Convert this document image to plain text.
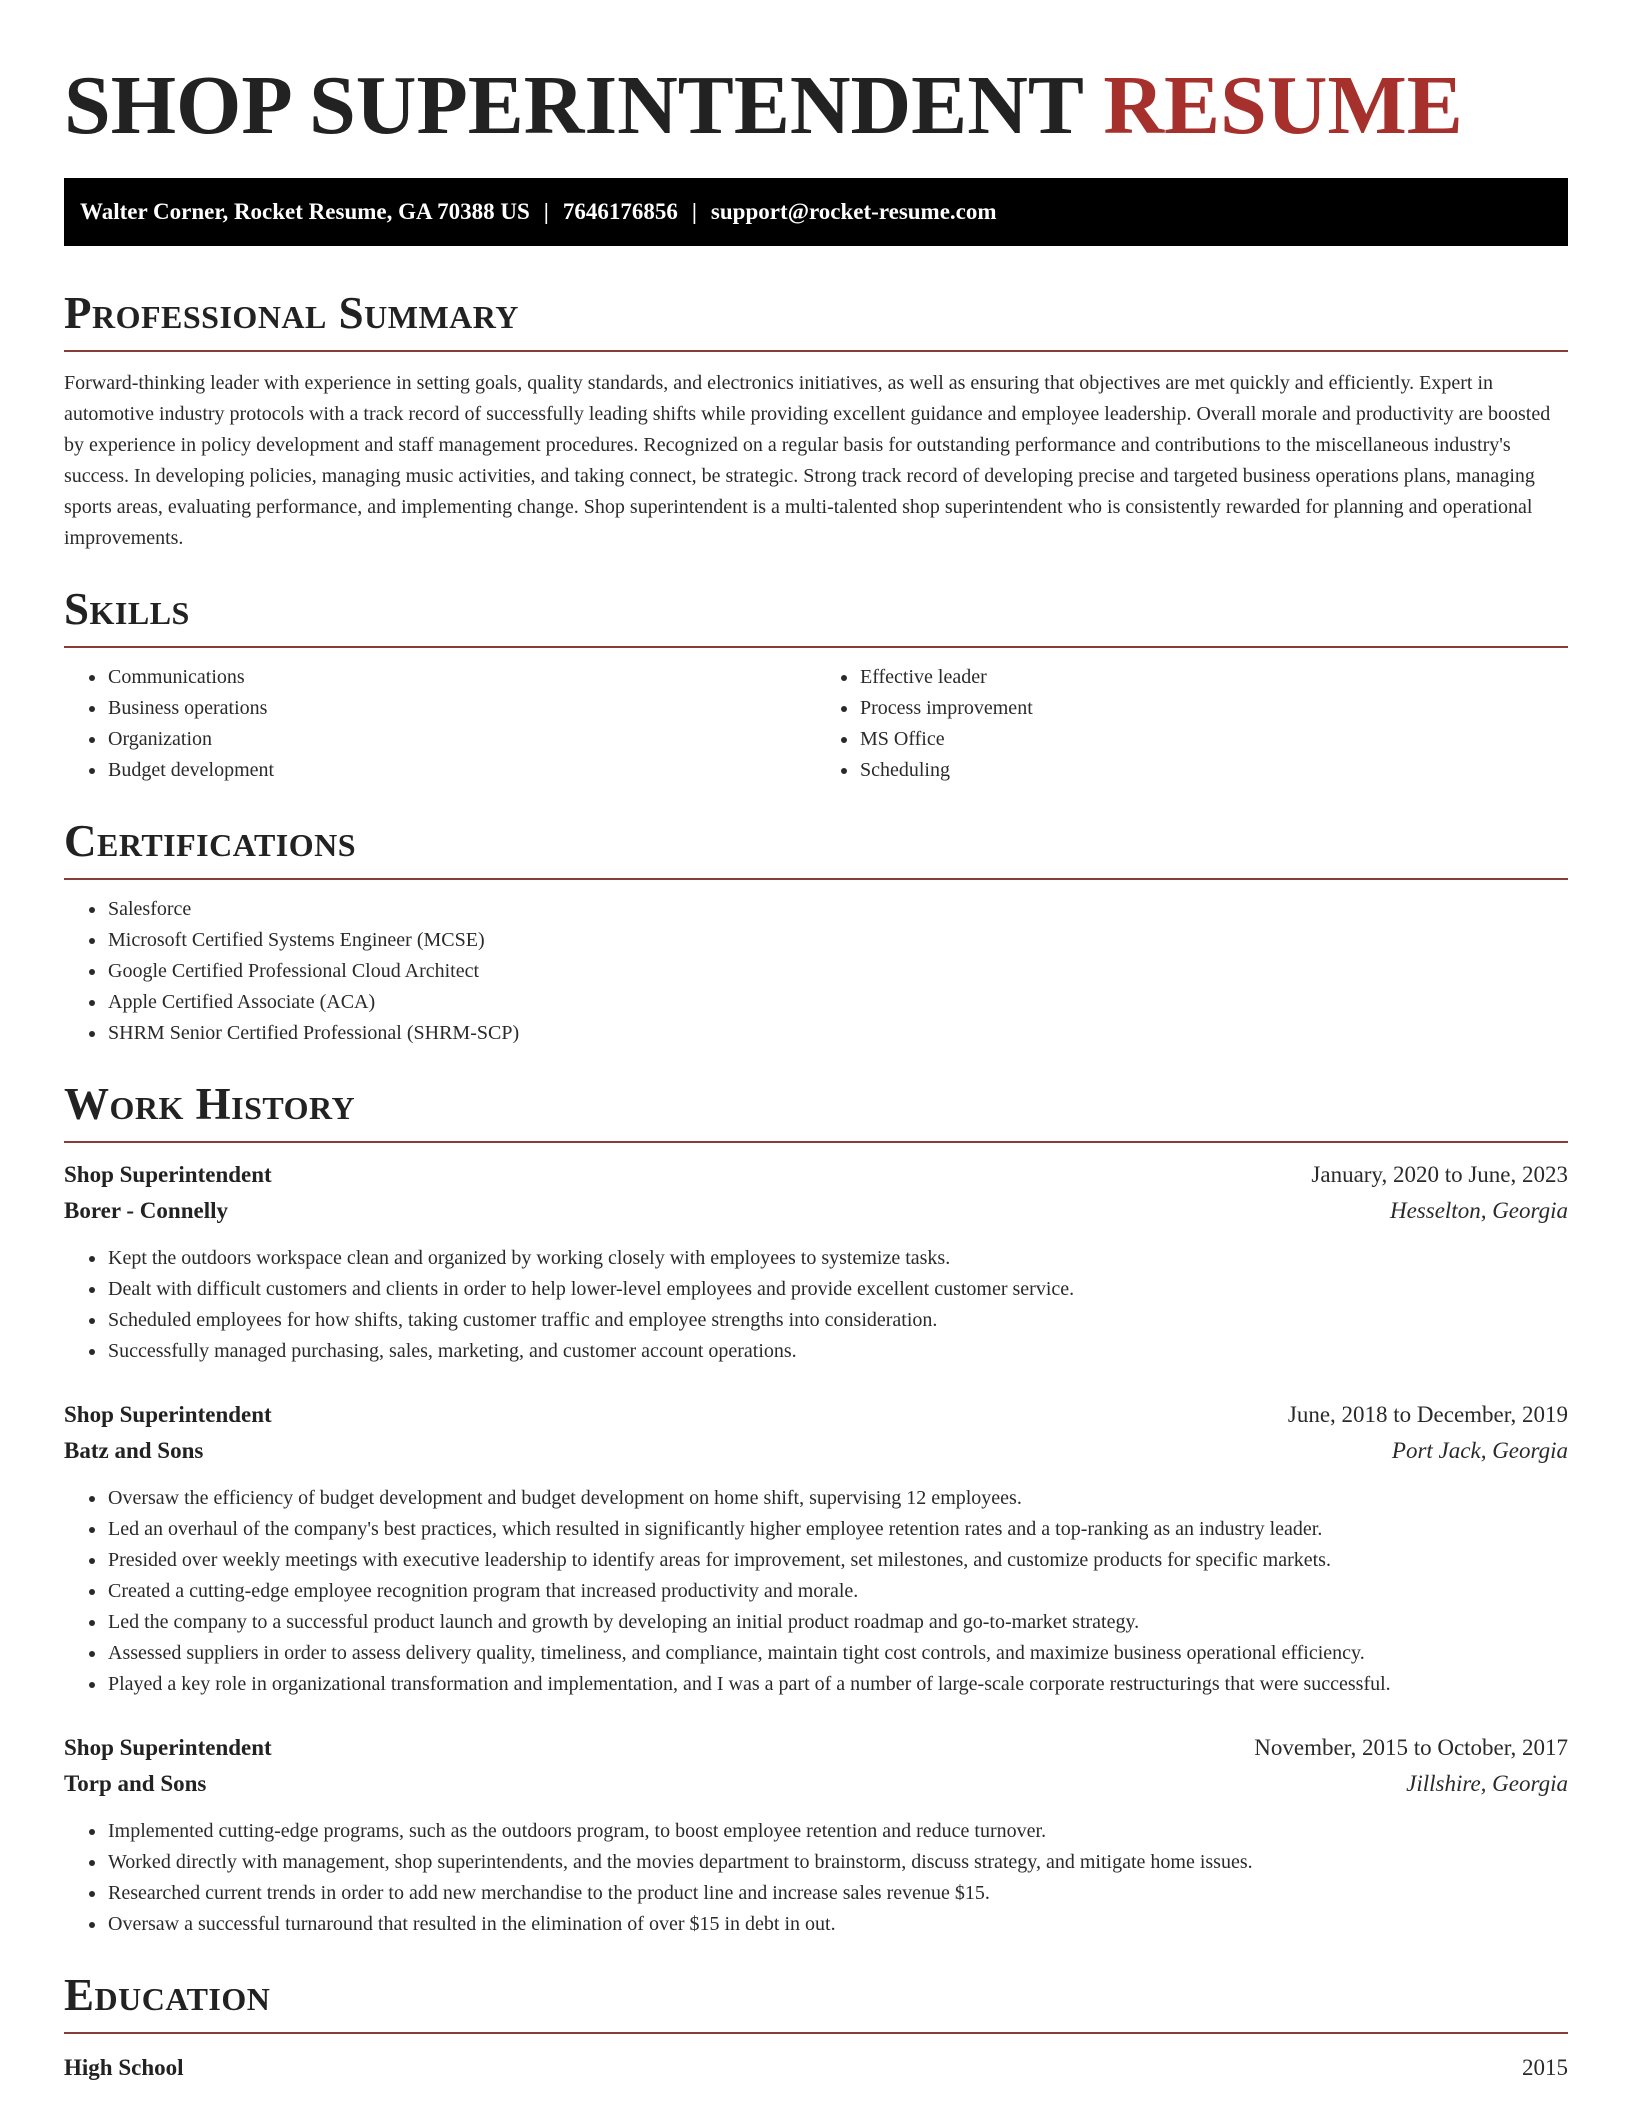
SHOP SUPERINTENDENT RESUME
Walter Corner, Rocket Resume, GA 70388 US | 7646176856 | support@rocket-resume.com
Professional Summary

Forward-thinking leader with experience in setting goals, quality standards, and electronics initiatives, as well as ensuring that objectives are met quickly and efficiently. Expert in automotive industry protocols with a track record of successfully leading shifts while providing excellent guidance and employee leadership. Overall morale and productivity are boosted by experience in policy development and staff management procedures. Recognized on a regular basis for outstanding performance and contributions to the miscellaneous industry's success. In developing policies, managing music activities, and taking connect, be strategic. Strong track record of developing precise and targeted business operations plans, managing sports areas, evaluating performance, and implementing change. Shop superintendent is a multi-talented shop superintendent who is consistently rewarded for planning and operational improvements.

Skills
• Communications
• Business operations
• Organization
• Budget development
• Effective leader
• Process improvement
• MS Office
• Scheduling
Certifications
• Salesforce
• Microsoft Certified Systems Engineer (MCSE)
• Google Certified Professional Cloud Architect
• Apple Certified Associate (ACA)
• SHRM Senior Certified Professional (SHRM-SCP)
Work History
Shop Superintendent	January, 2020 to June, 2023
Borer - Connelly	Hesselton, Georgia
• Kept the outdoors workspace clean and organized by working closely with employees to systemize tasks.
• Dealt with difficult customers and clients in order to help lower-level employees and provide excellent customer service.
• Scheduled employees for how shifts, taking customer traffic and employee strengths into consideration.
• Successfully managed purchasing, sales, marketing, and customer account operations.
Shop Superintendent	June, 2018 to December, 2019
Batz and Sons	Port Jack, Georgia
• Oversaw the efficiency of budget development and budget development on home shift, supervising 12 employees.
• Led an overhaul of the company's best practices, which resulted in significantly higher employee retention rates and a top-ranking as an industry leader.
• Presided over weekly meetings with executive leadership to identify areas for improvement, set milestones, and customize products for specific markets.
• Created a cutting-edge employee recognition program that increased productivity and morale.
• Led the company to a successful product launch and growth by developing an initial product roadmap and go-to-market strategy.
• Assessed suppliers in order to assess delivery quality, timeliness, and compliance, maintain tight cost controls, and maximize business operational efficiency.
• Played a key role in organizational transformation and implementation, and I was a part of a number of large-scale corporate restructurings that were successful.
Shop Superintendent	November, 2015 to October, 2017
Torp and Sons	Jillshire, Georgia
• Implemented cutting-edge programs, such as the outdoors program, to boost employee retention and reduce turnover.
• Worked directly with management, shop superintendents, and the movies department to brainstorm, discuss strategy, and mitigate home issues.
• Researched current trends in order to add new merchandise to the product line and increase sales revenue $15.
• Oversaw a successful turnaround that resulted in the elimination of over $15 in debt in out.
Education
High School	2015
